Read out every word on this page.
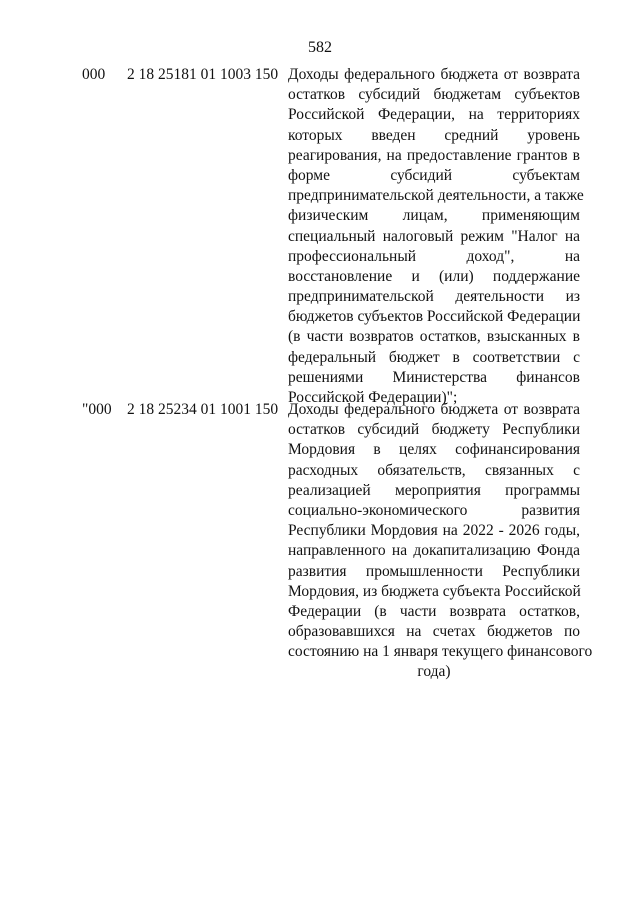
582
000 2 18 25181 01 1003 150 Доходы федерального бюджета от возврата
остатков субсидий бюджетам субъектов
Российской Федерации, на территориях
которых введен средний уровень
реагирования, на предоставление грантов в
форме субсидий субъектам
предпринимательской деятельности, а также
физическим лицам, применяющим
специальный налоговый режим "Налог на
профессиональный доход", на
восстановление и (или) поддержание
предпринимательской деятельности из
бюджетов субъектов Российской Федерации
(в части возвратов остатков, взысканных в
федеральный бюджет в соответствии с
решениями Министерства финансов
Российской Федерации)";
"000 2 18 25234 01 1001 150 Доходы федерального бюджета от возврата
остатков субсидий бюджету Республики
Мордовия в целях софинансирования
расходных обязательств, связанных с
реализацией мероприятия программы
социально-экономического развития
Республики Мордовия на 2022 - 2026 годы,
направленного на докапитализацию Фонда
развития промышленности Республики
Мордовия, из бюджета субъекта Российской
Федерации (в части возврата остатков,
образовавшихся на счетах бюджетов по
состоянию на 1 января текущего финансового
года)
